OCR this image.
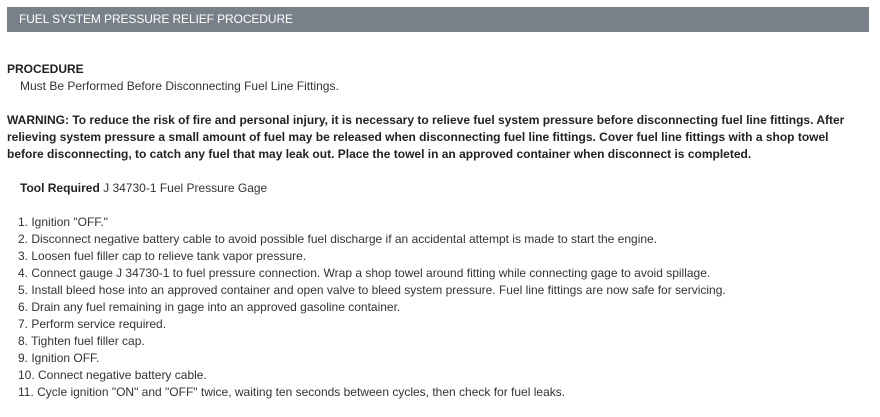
FUEL SYSTEM PRESSURE RELIEF PROCEDURE
PROCEDURE
Must Be Performed Before Disconnecting Fuel Line Fittings.
WARNING: To reduce the risk of fire and personal injury, it is necessary to relieve fuel system pressure before disconnecting fuel line fittings. After relieving system pressure a small amount of fuel may be released when disconnecting fuel line fittings. Cover fuel line fittings with a shop towel before disconnecting, to catch any fuel that may leak out. Place the towel in an approved container when disconnect is completed.
Tool Required J 34730-1 Fuel Pressure Gage
1. Ignition "OFF."
2. Disconnect negative battery cable to avoid possible fuel discharge if an accidental attempt is made to start the engine.
3. Loosen fuel filler cap to relieve tank vapor pressure.
4. Connect gauge J 34730-1 to fuel pressure connection. Wrap a shop towel around fitting while connecting gage to avoid spillage.
5. Install bleed hose into an approved container and open valve to bleed system pressure. Fuel line fittings are now safe for servicing.
6. Drain any fuel remaining in gage into an approved gasoline container.
7. Perform service required.
8. Tighten fuel filler cap.
9. Ignition OFF.
10. Connect negative battery cable.
11. Cycle ignition "ON" and "OFF" twice, waiting ten seconds between cycles, then check for fuel leaks.
